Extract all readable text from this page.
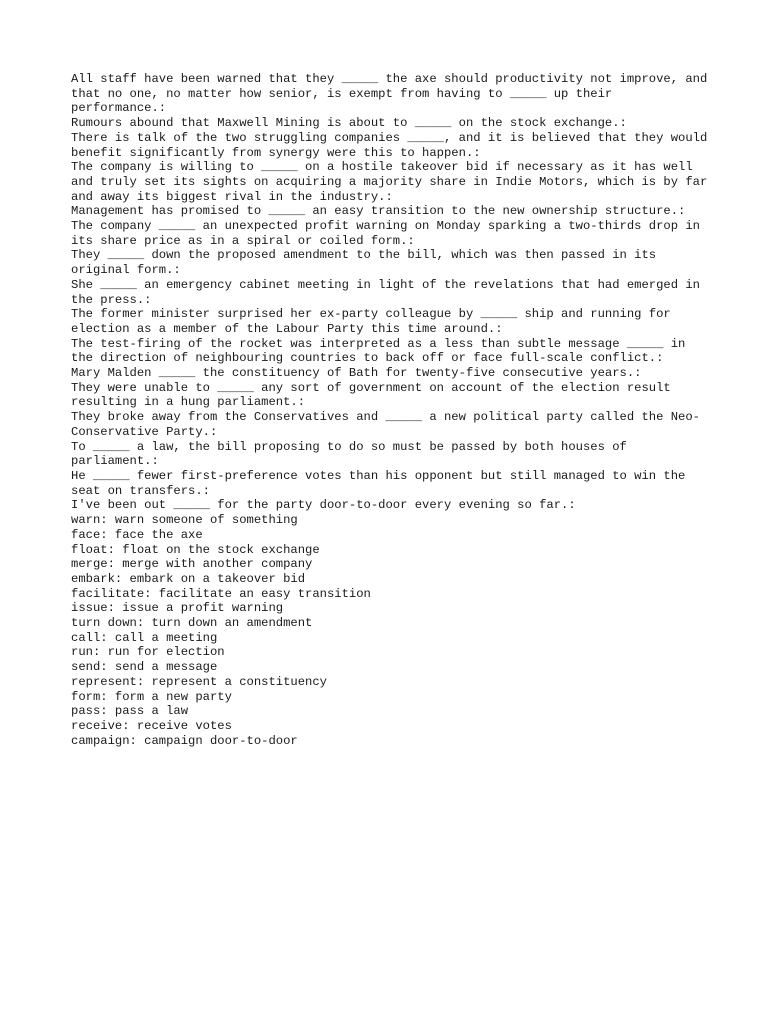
All staff have been warned that they _____ the axe should productivity not improve, and that no one, no matter how senior, is exempt from having to _____ up their performance.:
Rumours abound that Maxwell Mining is about to _____ on the stock exchange.:
There is talk of the two struggling companies _____, and it is believed that they would benefit significantly from synergy were this to happen.:
The company is willing to _____ on a hostile takeover bid if necessary as it has well and truly set its sights on acquiring a majority share in Indie Motors, which is by far and away its biggest rival in the industry.:
Management has promised to _____ an easy transition to the new ownership structure.:
The company _____ an unexpected profit warning on Monday sparking a two-thirds drop in its share price as in a spiral or coiled form.:
They _____ down the proposed amendment to the bill, which was then passed in its original form.:
She _____ an emergency cabinet meeting in light of the revelations that had emerged in the press.:
The former minister surprised her ex-party colleague by _____ ship and running for election as a member of the Labour Party this time around.:
The test-firing of the rocket was interpreted as a less than subtle message _____ in the direction of neighbouring countries to back off or face full-scale conflict.:
Mary Malden _____ the constituency of Bath for twenty-five consecutive years.:
They were unable to _____ any sort of government on account of the election result resulting in a hung parliament.:
They broke away from the Conservatives and _____ a new political party called the Neo-Conservative Party.:
To _____ a law, the bill proposing to do so must be passed by both houses of parliament.:
He _____ fewer first-preference votes than his opponent but still managed to win the seat on transfers.:
I've been out _____ for the party door-to-door every evening so far.:
warn: warn someone of something
face: face the axe
float: float on the stock exchange
merge: merge with another company
embark: embark on a takeover bid
facilitate: facilitate an easy transition
issue: issue a profit warning
turn down: turn down an amendment
call: call a meeting
run: run for election
send: send a message
represent: represent a constituency
form: form a new party
pass: pass a law
receive: receive votes
campaign: campaign door-to-door
